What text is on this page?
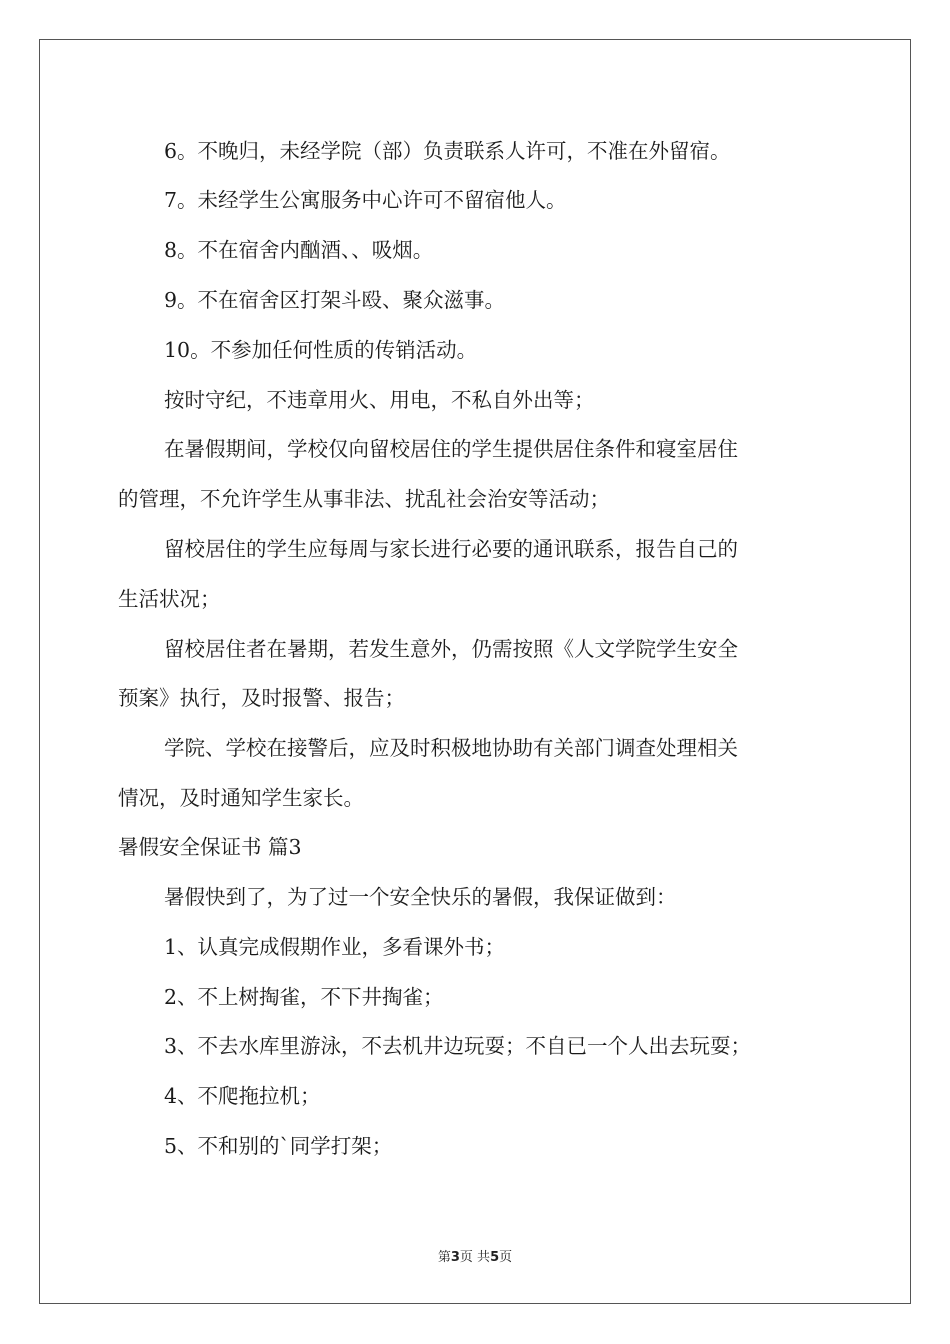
6。不晚归，未经学院（部）负责联系人许可，不准在外留宿。
7。未经学生公寓服务中心许可不留宿他人。
8。不在宿舍内酗酒、、吸烟。
9。不在宿舍区打架斗殴、聚众滋事。
10。不参加任何性质的传销活动。
按时守纪，不违章用火、用电，不私自外出等；
在暑假期间，学校仅向留校居住的学生提供居住条件和寝室居住
的管理，不允许学生从事非法、扰乱社会治安等活动；
留校居住的学生应每周与家长进行必要的通讯联系，报告自己的
生活状况；
留校居住者在暑期，若发生意外，仍需按照《人文学院学生安全
预案》执行，及时报警、报告；
学院、学校在接警后，应及时积极地协助有关部门调查处理相关
情况，及时通知学生家长。
暑假安全保证书 篇3
暑假快到了，为了过一个安全快乐的暑假，我保证做到：
1、认真完成假期作业，多看课外书；
2、不上树掏雀，不下井掏雀；
3、不去水库里游泳，不去机井边玩耍；不自已一个人出去玩耍；
4、不爬拖拉机；
5、不和别的`同学打架；
第3页 共5页
